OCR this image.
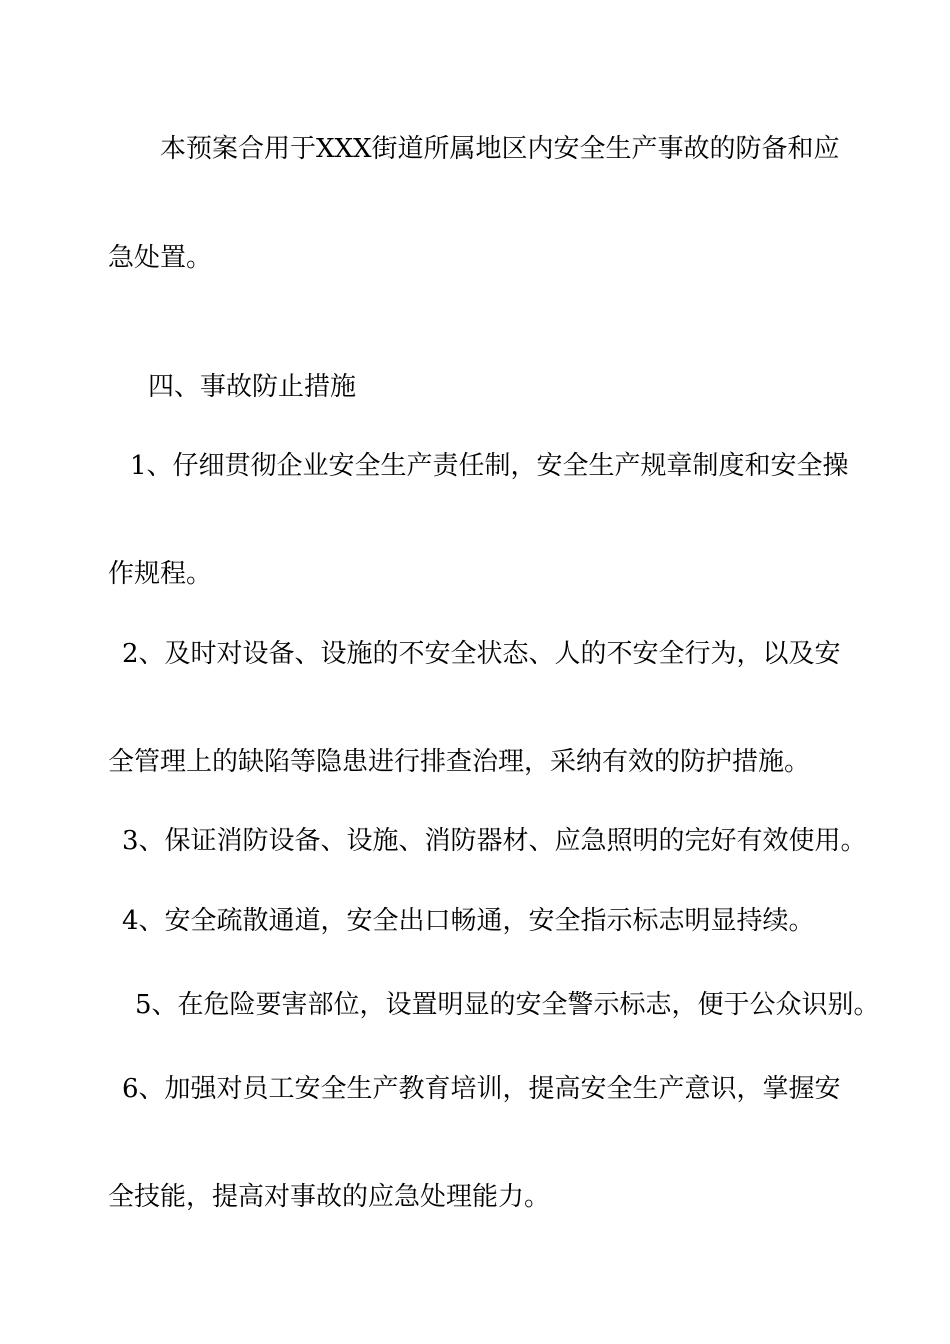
本预案合用于XXX街道所属地区内安全生产事故的防备和应

急处置。

四、事故防止措施

1、仔细贯彻企业安全生产责任制，安全生产规章制度和安全操

作规程。

2、及时对设备、设施的不安全状态、人的不安全行为，以及安

全管理上的缺陷等隐患进行排查治理，采纳有效的防护措施。

3、保证消防设备、设施、消防器材、应急照明的完好有效使用。

4、安全疏散通道，安全出口畅通，安全指示标志明显持续。

5、在危险要害部位，设置明显的安全警示标志，便于公众识别。

6、加强对员工安全生产教育培训，提高安全生产意识，掌握安

全技能，提高对事故的应急处理能力。
